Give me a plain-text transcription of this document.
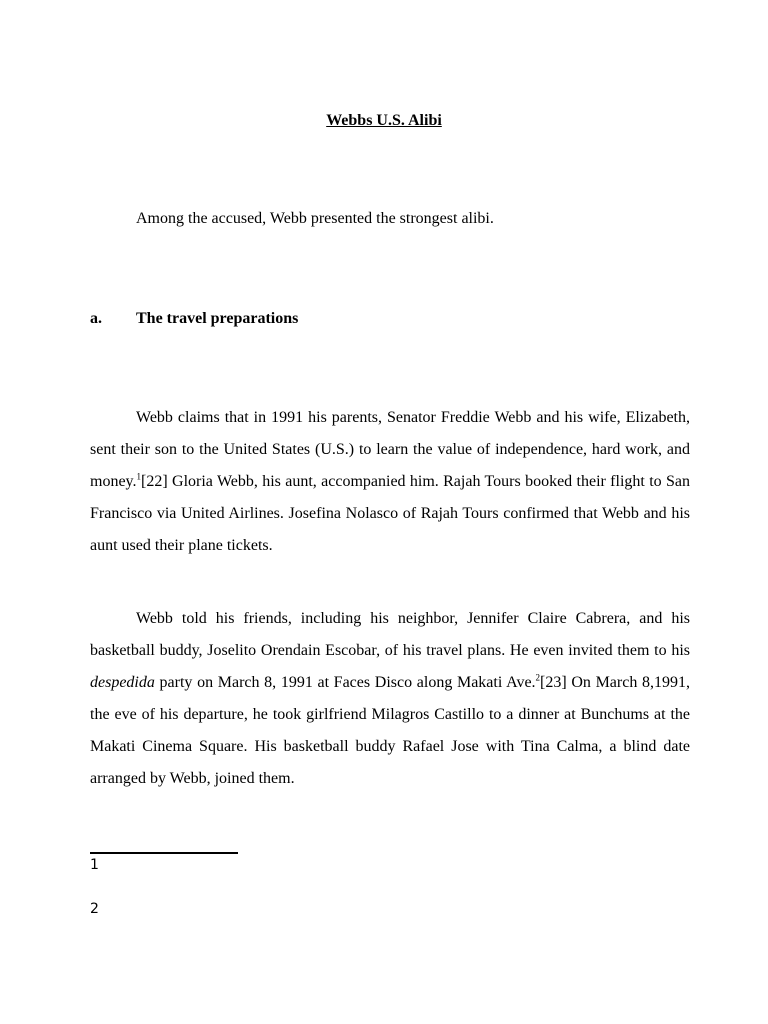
Webbs U.S. Alibi
Among the accused, Webb presented the strongest alibi.
a. The travel preparations

Webb claims that in 1991 his parents, Senator Freddie Webb and his wife, Elizabeth, sent their son to the United States (U.S.) to learn the value of independence, hard work, and money.$^1$[22] Gloria Webb, his aunt, accompanied him. Rajah Tours booked their flight to San Francisco via United Airlines. Josefina Nolasco of Rajah Tours confirmed that Webb and his aunt used their plane tickets.

Webb told his friends, including his neighbor, Jennifer Claire Cabrera, and his basketball buddy, Joselito Orendain Escobar, of his travel plans. He even invited them to his despedida party on March 8, 1991 at Faces Disco along Makati Ave.$^2$[23] On March 8,1991, the eve of his departure, he took girlfriend Milagros Castillo to a dinner at Bunchums at the Makati Cinema Square. His basketball buddy Rafael Jose with Tina Calma, a blind date arranged by Webb, joined them.

1
2
